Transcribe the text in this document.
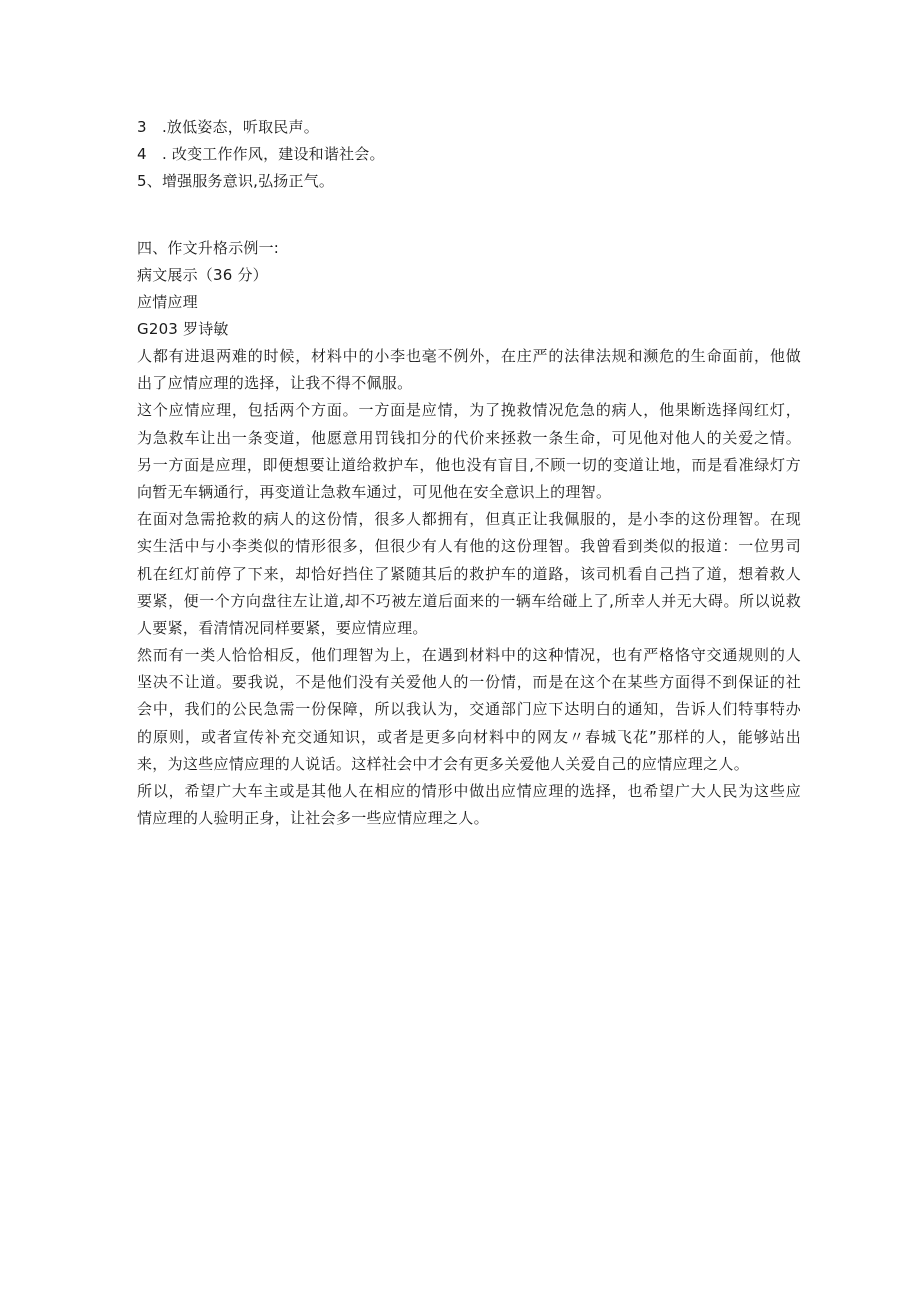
3　.放低姿态，听取民声。
4　. 改变工作作风，建设和谐社会。
5、增强服务意识,弘扬正气。
四、作文升格示例一:
病文展示（36 分）
应情应理
G203 罗诗敏
人都有进退两难的时候，材料中的小李也毫不例外，在庄严的法律法规和濒危的生命面前，他做
出了应情应理的选择，让我不得不佩服。
这个应情应理，包括两个方面。一方面是应情，为了挽救情况危急的病人，他果断选择闯红灯，
为急救车让出一条变道，他愿意用罚钱扣分的代价来拯救一条生命，可见他对他人的关爱之情。
另一方面是应理，即便想要让道给救护车，他也没有盲目,不顾一切的变道让地，而是看准绿灯方
向暂无车辆通行，再变道让急救车通过，可见他在安全意识上的理智。
在面对急需抢救的病人的这份情，很多人都拥有，但真正让我佩服的，是小李的这份理智。在现
实生活中与小李类似的情形很多，但很少有人有他的这份理智。我曾看到类似的报道：一位男司
机在红灯前停了下来，却恰好挡住了紧随其后的救护车的道路，该司机看自己挡了道，想着救人
要紧，便一个方向盘往左让道,却不巧被左道后面来的一辆车给碰上了,所幸人并无大碍。所以说救
人要紧，看清情况同样要紧，要应情应理。
然而有一类人恰恰相反，他们理智为上，在遇到材料中的这种情况，也有严格恪守交通规则的人
坚决不让道。要我说，不是他们没有关爱他人的一份情，而是在这个在某些方面得不到保证的社
会中，我们的公民急需一份保障，所以我认为，交通部门应下达明白的通知，告诉人们特事特办
的原则，或者宣传补充交通知识，或者是更多向材料中的网友〃春城飞花”那样的人，能够站出
来，为这些应情应理的人说话。这样社会中才会有更多关爱他人关爱自己的应情应理之人。
所以，希望广大车主或是其他人在相应的情形中做出应情应理的选择，也希望广大人民为这些应
情应理的人验明正身，让社会多一些应情应理之人。
